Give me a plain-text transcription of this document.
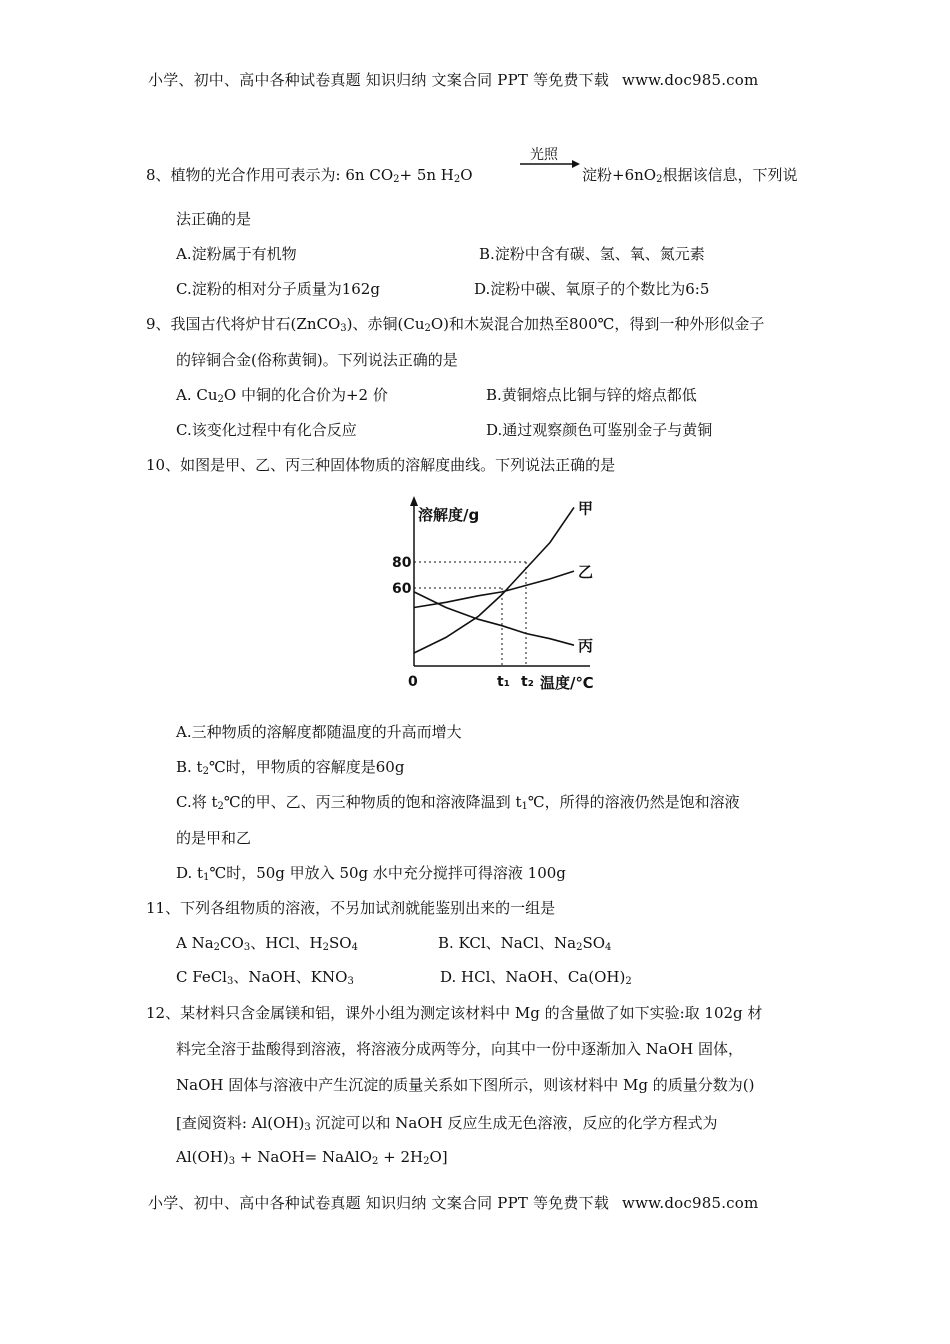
小学、初中、高中各种试卷真题 知识归纳 文案合同 PPT 等免费下载 www.doc985.com
8、植物的光合作用可表示为: 6n $CO_2+ 5n$ $H_2O$
光照
淀粉$+6nO_2$根据该信息，下列说
法正确的是
A.淀粉属于有机物	B.淀粉中含有碳、氢、氧、氮元素
C.淀粉的相对分子质量为162g	D.淀粉中碳、氧原子的个数比为6:5
9、我国古代将炉甘石(ZnCO$_3$)、赤铜$(Cu_2O)$和木炭混合加热至800℃，得到一种外形似金子
的锌铜合金(俗称黄铜)。下列说法正确的是
A. $Cu_2O$ 中铜的化合价为+2 价	B.黄铜熔点比铜与锌的熔点都低
C.该变化过程中有化合反应	D.通过观察颜色可鉴别金子与黄铜
10、如图是甲、乙、丙三种固体物质的溶解度曲线。下列说法正确的是
甲
乙
丙
60
80
t₁ t₂
0
溶解度/g
温度/℃
A.三种物质的溶解度都随温度的升高而增大
B. $t_2℃$时，甲物质的容解度是60g
C.将 $t_2℃$的甲、乙、丙三种物质的饱和溶液降温到 $t_1℃$，所得的溶液仍然是饱和溶液
的是甲和乙
D. $t_1℃$时，50g 甲放入 50g 水中充分搅拌可得溶液 100g
11、下列各组物质的溶液，不另加试剂就能鉴别出来的一组是
A $Na_2CO_3$、HCl、$H_2SO_4$	B. KCl、NaCl、$Na_2SO_4$
C FeCl$_3$、NaOH、$KNO_3$	D. HCl、NaOH、$Ca(OH)_2$
12、某材料只含金属镁和铝，课外小组为测定该材料中 Mg 的含量做了如下实验:取 102g 材
料完全溶于盐酸得到溶液，将溶液分成两等分，向其中一份中逐渐加入 NaOH 固体，
NaOH 固体与溶液中产生沉淀的质量关系如下图所示，则该材料中 Mg 的质量分数为()
[查阅资料: $Al(OH)_3$ 沉淀可以和 NaOH 反应生成无色溶液，反应的化学方程式为
$Al(OH)_3$ + NaOH= NaAlO$_2$ + $2H_2O$]
小学、初中、高中各种试卷真题 知识归纳 文案合同 PPT 等免费下载 www.doc985.com
